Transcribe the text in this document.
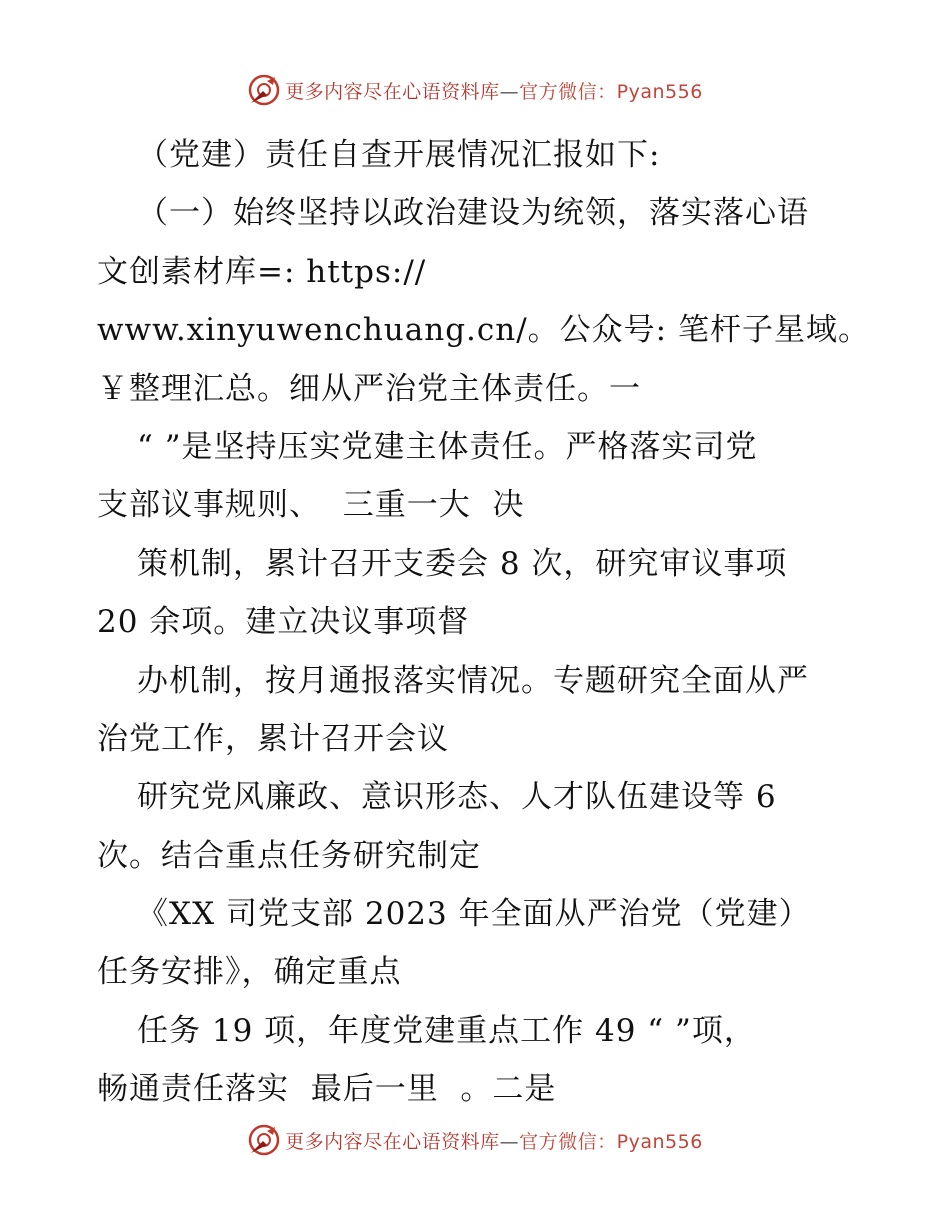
更多内容尽在心语资料库—官方微信：Pyan556
（党建）责任自查开展情况汇报如下:
（一）始终坚持以政治建设为统领，落实落心语
文创素材库=: https://
www.xinyuwenchuang.cn/。公众号: 笔杆子星域。
￥整理汇总。细从严治党主体责任。一
“ ”是坚持压实党建主体责任。严格落实司党
支部议事规则、  三重一大  决
策机制，累计召开支委会 8 次，研究审议事项
20 余项。建立决议事项督
办机制，按月通报落实情况。专题研究全面从严
治党工作，累计召开会议
研究党风廉政、意识形态、人才队伍建设等 6
次。结合重点任务研究制定
《XX 司党支部 2023 年全面从严治党（党建）
任务安排》，确定重点
任务 19 项，年度党建重点工作 49 “ ”项，
畅通责任落实  最后一里  。二是
更多内容尽在心语资料库—官方微信：Pyan556
